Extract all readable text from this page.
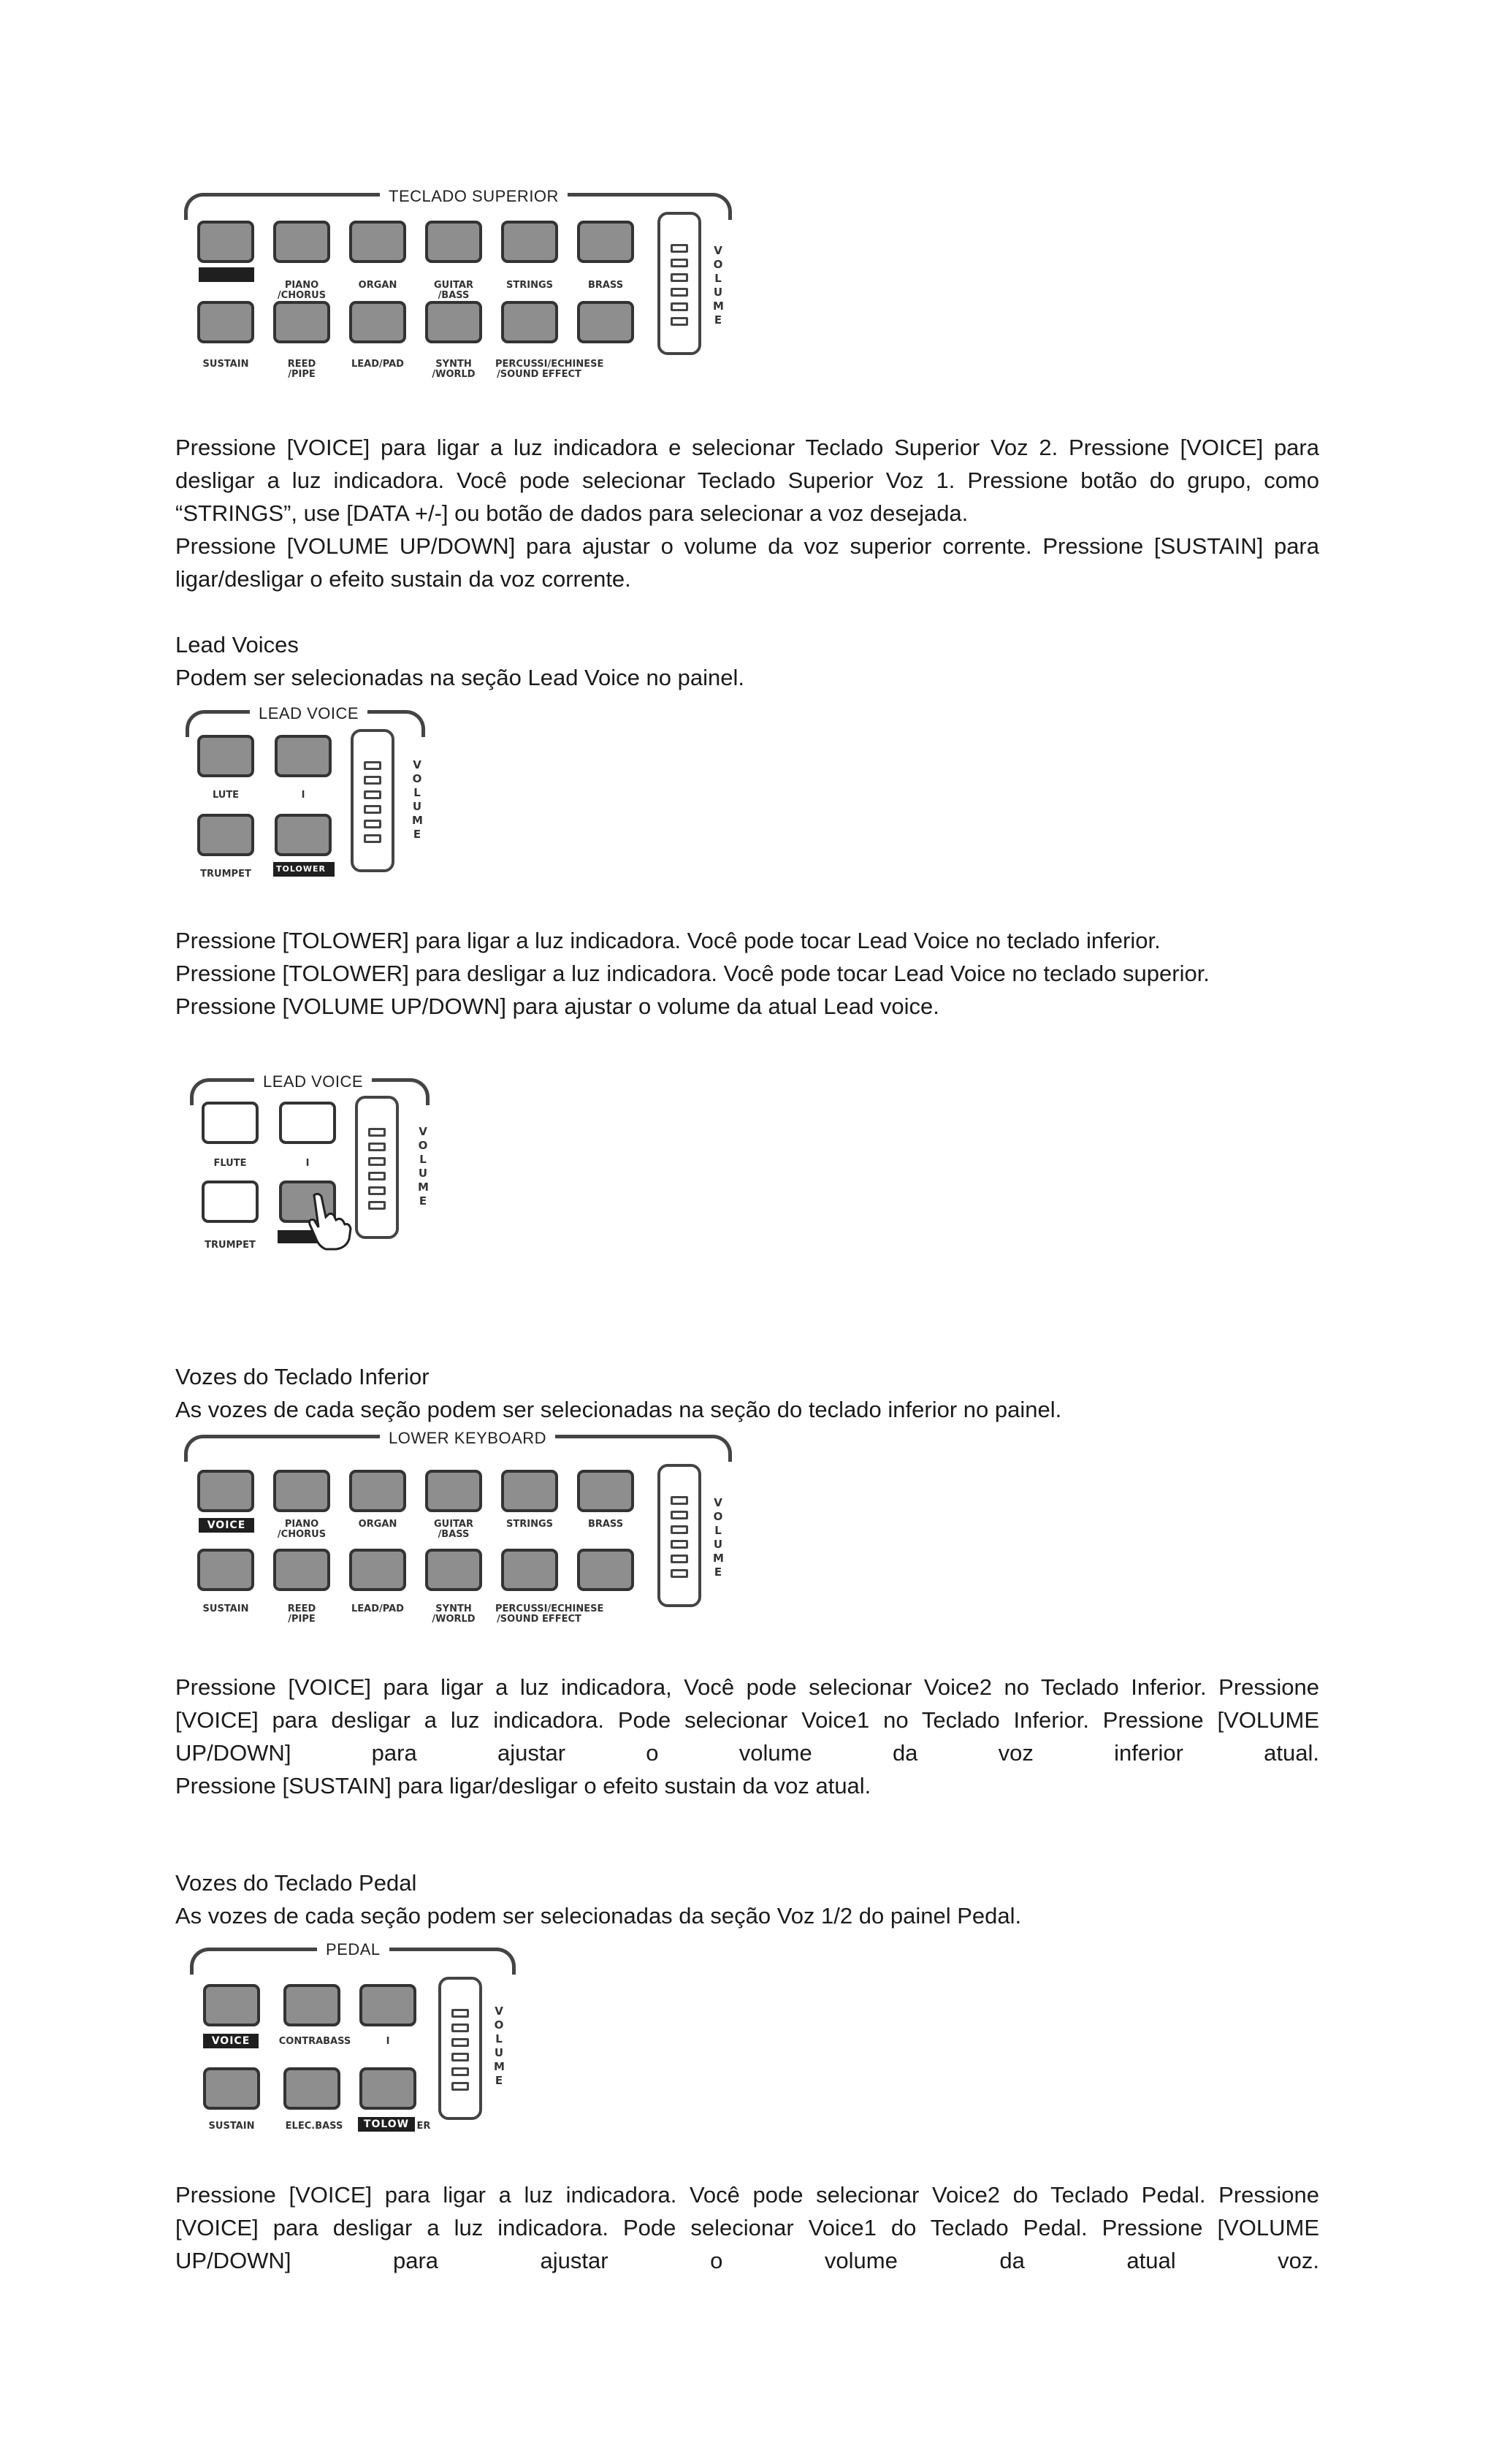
TECLADO SUPERIOR
PIANO
/CHORUS
ORGAN	GUITAR
/BASS
STRINGS	BRASS
SUSTAIN	REED
/PIPE
LEAD/PAD	SYNTH
/WORLD
PERCUSSI/ECHINESE
/SOUND EFFECT
V
O
L
U
M
E

Pressione [VOICE] para ligar a luz indicadora e selecionar Teclado Superior Voz 2. Pressione [VOICE] para desligar a luz indicadora. Você pode selecionar Teclado Superior Voz 1. Pressione botão do grupo, como “STRINGS”, use [DATA +/-] ou botão de dados para selecionar a voz desejada.

Pressione [VOLUME UP/DOWN] para ajustar o volume da voz superior corrente. Pressione [SUSTAIN] para ligar/desligar o efeito sustain da voz corrente.

Lead Voices

Podem ser selecionadas na seção Lead Voice no painel.

LEAD VOICE
LUTE	I
TRUMPET	TOLOWER
V
O
L
U
M
E

Pressione [TOLOWER] para ligar a luz indicadora. Você pode tocar Lead Voice no teclado inferior.

Pressione [TOLOWER] para desligar a luz indicadora. Você pode tocar Lead Voice no teclado superior.

Pressione [VOLUME UP/DOWN] para ajustar o volume da atual Lead voice.

LEAD VOICE
FLUTE	I
TRUMPET
V
O
L
U
M
E

Vozes do Teclado Inferior

As vozes de cada seção podem ser selecionadas na seção do teclado inferior no painel.

LOWER KEYBOARD
VOICE	PIANO
/CHORUS
ORGAN	GUITAR
/BASS
STRINGS	BRASS
SUSTAIN	REED
/PIPE
LEAD/PAD	SYNTH
/WORLD
PERCUSSI/ECHINESE
/SOUND EFFECT
V
O
L
U
M
E
Pressione [VOICE] para ligar a luz indicadora, Você pode selecionar Voice2 no Teclado Inferior. Pressione
[VOICE] para desligar a luz indicadora. Pode selecionar Voice1 no Teclado Inferior. Pressione [VOLUME
UP/DOWN] para ajustar o volume da voz inferior atual.
Pressione [SUSTAIN] para ligar/desligar o efeito sustain da voz atual.

Vozes do Teclado Pedal

As vozes de cada seção podem ser selecionadas da seção Voz 1/2 do painel Pedal.

PEDAL
VOICE	CONTRABASS	I
SUSTAIN	ELEC.BASS	TOLOW ER
V
O
L
U
M
E
Pressione [VOICE] para ligar a luz indicadora. Você pode selecionar Voice2 do Teclado Pedal. Pressione
[VOICE] para desligar a luz indicadora. Pode selecionar Voice1 do Teclado Pedal. Pressione [VOLUME
UP/DOWN] para ajustar o volume da atual voz.
